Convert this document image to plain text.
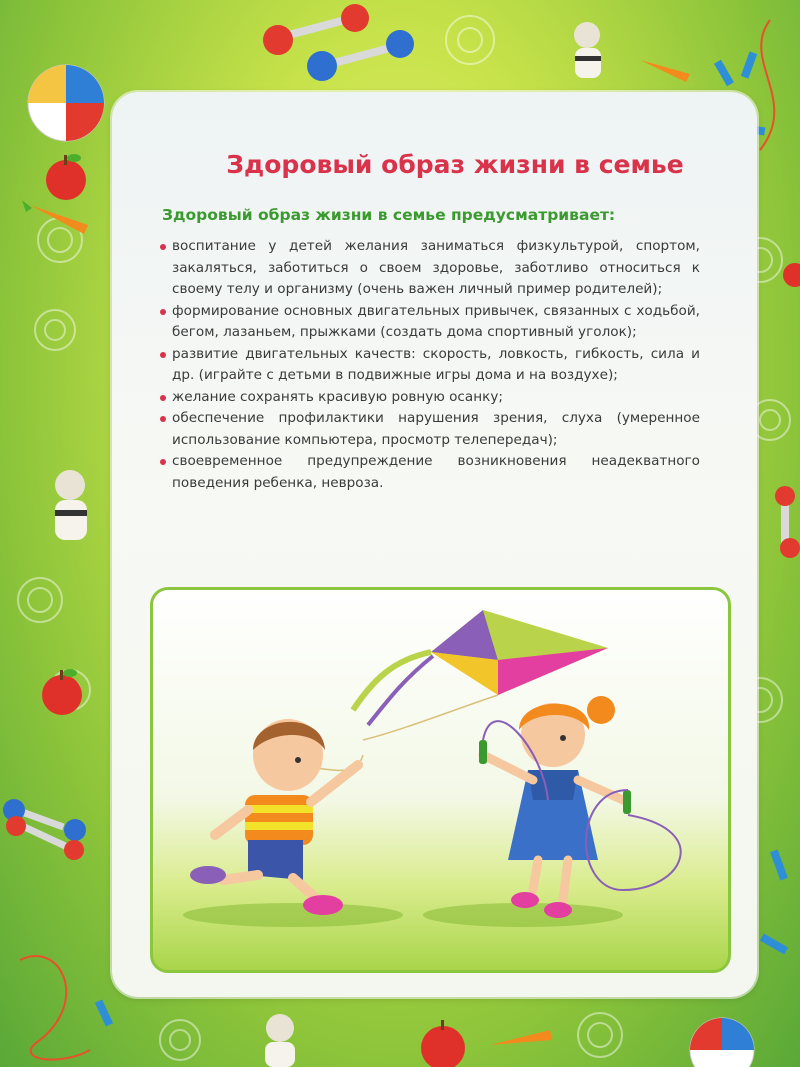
Здоровый образ жизни в семье
Здоровый образ жизни в семье предусматривает:
воспитание у детей желания заниматься физкультурой, спортом, закаляться, заботиться о своем здоровье, заботливо относиться к своему телу и организму (очень важен личный пример родителей);
формирование основных двигательных привычек, связанных с ходьбой, бегом, лазаньем, прыжками (создать дома спортивный уголок);
развитие двигательных качеств: скорость, ловкость, гибкость, сила и др. (играйте с детьми в подвижные игры дома и на воздухе);
желание сохранять красивую ровную осанку;
обеспечение профилактики нарушения зрения, слуха (умеренное использование компьютера, просмотр телепередач);
своевременное предупреждение возникновения неадекватного поведения ребенка, невроза.
